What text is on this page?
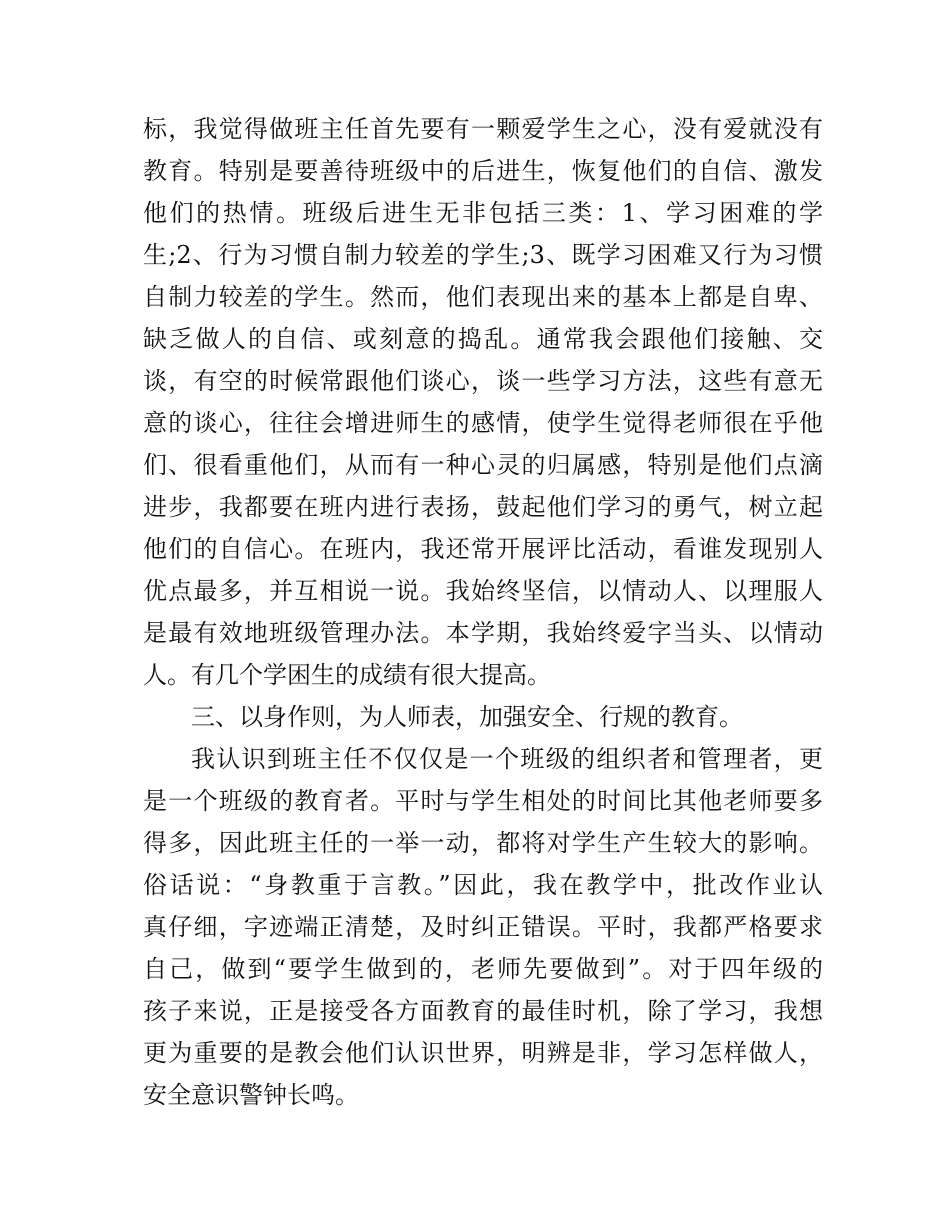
标，我觉得做班主任首先要有一颗爱学生之心，没有爱就没有
教育。特别是要善待班级中的后进生，恢复他们的自信、激发
他们的热情。班级后进生无非包括三类：1、学习困难的学
生;2、行为习惯自制力较差的学生;3、既学习困难又行为习惯
自制力较差的学生。然而，他们表现出来的基本上都是自卑、
缺乏做人的自信、或刻意的捣乱。通常我会跟他们接触、交
谈，有空的时候常跟他们谈心，谈一些学习方法，这些有意无
意的谈心，往往会增进师生的感情，使学生觉得老师很在乎他
们、很看重他们，从而有一种心灵的归属感，特别是他们点滴
进步，我都要在班内进行表扬，鼓起他们学习的勇气，树立起
他们的自信心。在班内，我还常开展评比活动，看谁发现别人
优点最多，并互相说一说。我始终坚信，以情动人、以理服人
是最有效地班级管理办法。本学期，我始终爱字当头、以情动
人。有几个学困生的成绩有很大提高。
三、以身作则，为人师表，加强安全、行规的教育。
我认识到班主任不仅仅是一个班级的组织者和管理者，更
是一个班级的教育者。平时与学生相处的时间比其他老师要多
得多，因此班主任的一举一动，都将对学生产生较大的影响。
俗话说：“身教重于言教。”因此，我在教学中，批改作业认
真仔细，字迹端正清楚，及时纠正错误。平时，我都严格要求
自己，做到“要学生做到的，老师先要做到”。对于四年级的
孩子来说，正是接受各方面教育的最佳时机，除了学习，我想
更为重要的是教会他们认识世界，明辨是非，学习怎样做人，
安全意识警钟长鸣。
